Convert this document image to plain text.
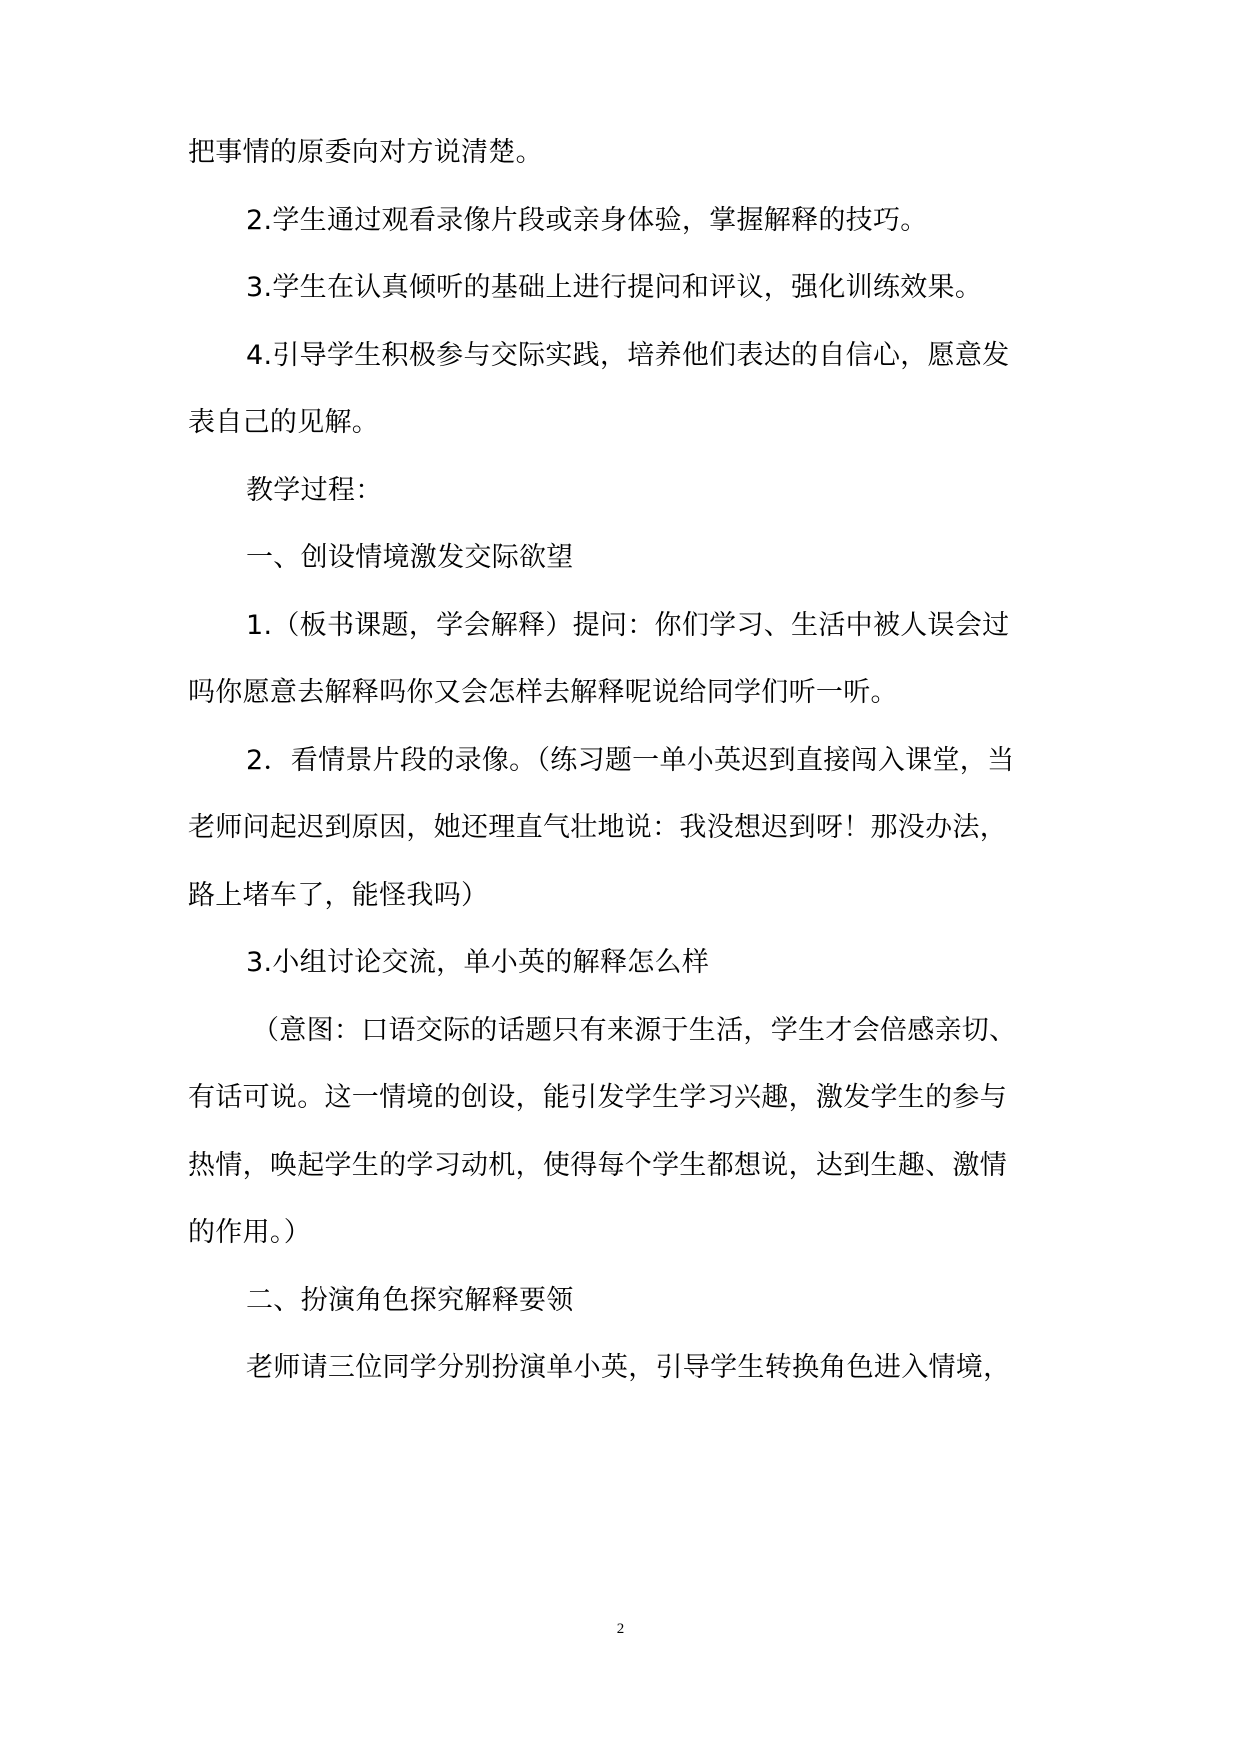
把事情的原委向对方说清楚。
2.学生通过观看录像片段或亲身体验，掌握解释的技巧。
3.学生在认真倾听的基础上进行提问和评议，强化训练效果。
4.引导学生积极参与交际实践，培养他们表达的自信心，愿意发
表自己的见解。
教学过程：
一、创设情境激发交际欲望
1.（板书课题，学会解释）提问：你们学习、生活中被人误会过
吗你愿意去解释吗你又会怎样去解释呢说给同学们听一听。
2．看情景片段的录像。（练习题一单小英迟到直接闯入课堂，当
老师问起迟到原因，她还理直气壮地说：我没想迟到呀！那没办法，
路上堵车了，能怪我吗）
3.小组讨论交流，单小英的解释怎么样
（意图：口语交际的话题只有来源于生活，学生才会倍感亲切、
有话可说。这一情境的创设，能引发学生学习兴趣，激发学生的参与
热情，唤起学生的学习动机，使得每个学生都想说，达到生趣、激情
的作用。）
二、扮演角色探究解释要领
老师请三位同学分别扮演单小英，引导学生转换角色进入情境，
2
